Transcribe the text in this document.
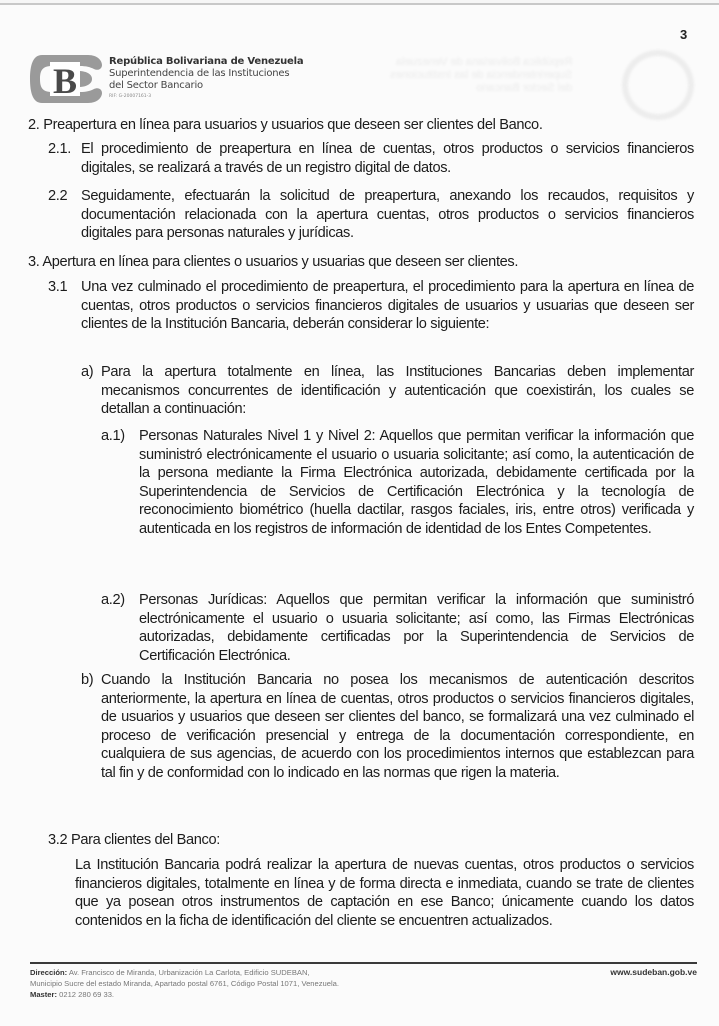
República Bolivariana de Venezuela
Superintendencia de las Instituciones
del Sector Bancario
3
B	República Bolivariana de Venezuela
Superintendencia de las Instituciones
del Sector Bancario
RIF: G-20007161-3
2. Preapertura en línea para usuarios y usuarios que deseen ser clientes del Banco.
2.1. El procedimiento de preapertura en línea de cuentas, otros productos o servicios financieros digitales, se realizará a través de un registro digital de datos.
2.2 Seguidamente, efectuarán la solicitud de preapertura, anexando los recaudos, requisitos y documentación relacionada con la apertura cuentas, otros productos o servicios financieros digitales para personas naturales y jurídicas.
3. Apertura en línea para clientes o usuarios y usuarias que deseen ser clientes.
3.1 Una vez culminado el procedimiento de preapertura, el procedimiento para la apertura en línea de cuentas, otros productos o servicios financieros digitales de usuarios y usuarias que deseen ser clientes de la Institución Bancaria, deberán considerar lo siguiente:
a) Para la apertura totalmente en línea, las Instituciones Bancarias deben implementar mecanismos concurrentes de identificación y autenticación que coexistirán, los cuales se detallan a continuación:
a.1) Personas Naturales Nivel 1 y Nivel 2: Aquellos que permitan verificar la información que suministró electrónicamente el usuario o usuaria solicitante; así como, la autenticación de la persona mediante la Firma Electrónica autorizada, debidamente certificada por la Superintendencia de Servicios de Certificación Electrónica y la tecnología de reconocimiento biométrico (huella dactilar, rasgos faciales, iris, entre otros) verificada y autenticada en los registros de información de identidad de los Entes Competentes.
a.2) Personas Jurídicas: Aquellos que permitan verificar la información que suministró electrónicamente el usuario o usuaria solicitante; así como, las Firmas Electrónicas autorizadas, debidamente certificadas por la Superintendencia de Servicios de Certificación Electrónica.
b) Cuando la Institución Bancaria no posea los mecanismos de autenticación descritos anteriormente, la apertura en línea de cuentas, otros productos o servicios financieros digitales, de usuarios y usuarios que deseen ser clientes del banco, se formalizará una vez culminado el proceso de verificación presencial y entrega de la documentación correspondiente, en cualquiera de sus agencias, de acuerdo con los procedimientos internos que establezcan para tal fin y de conformidad con lo indicado en las normas que rigen la materia.
3.2 Para clientes del Banco:
La Institución Bancaria podrá realizar la apertura de nuevas cuentas, otros productos o servicios financieros digitales, totalmente en línea y de forma directa e inmediata, cuando se trate de clientes que ya posean otros instrumentos de captación en ese Banco; únicamente cuando los datos contenidos en la ficha de identificación del cliente se encuentren actualizados.
Dirección: Av. Francisco de Miranda, Urbanización La Carlota, Edificio SUDEBAN,
Municipio Sucre del estado Miranda, Apartado postal 6761, Código Postal 1071, Venezuela.
Master: 0212 280 69 33.
www.sudeban.gob.ve
